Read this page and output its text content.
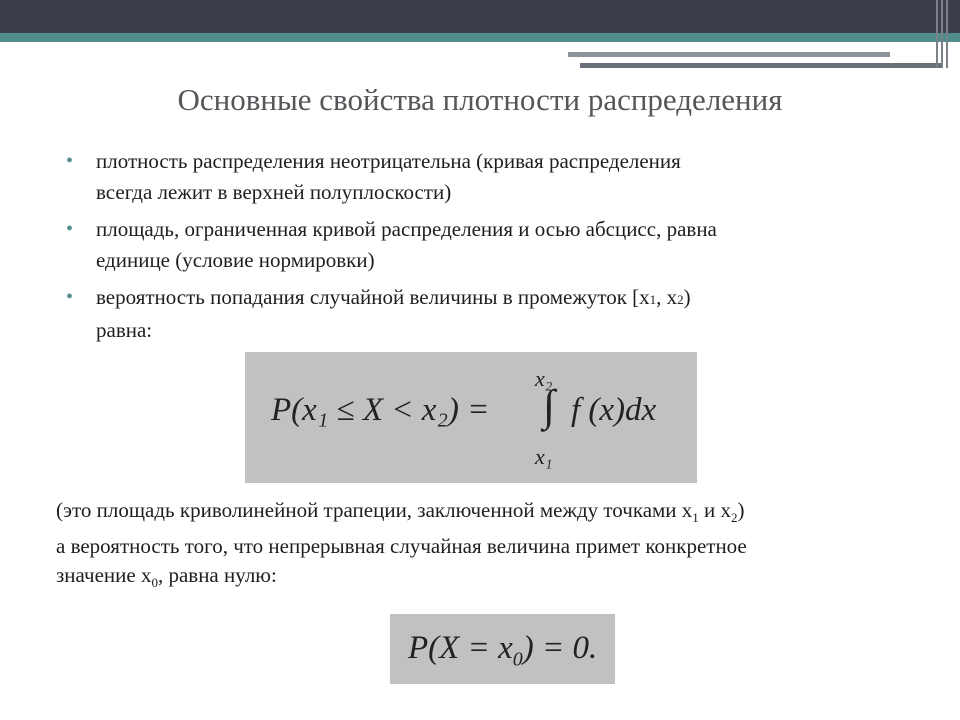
Основные свойства плотности распределения
• плотность распределения неотрицательна (кривая распределения
всегда лежит в верхней полуплоскости)
• площадь, ограниченная кривой распределения и осью абсцисс, равна
единице (условие нормировки)
• вероятность попадания случайной величины в промежуток [x1, x2)
равна:
P(x₁ ≤ X < x₂) =
x₂
∫
x₁
f (x)dx

(это площадь криволинейной трапеции, заключенной между точками $x_1$ и $x_2$)
а вероятность того, что непрерывная случайная величина примет конкретное
значение $x_0$, равна нулю:

$P(X = x_0) = 0$.
